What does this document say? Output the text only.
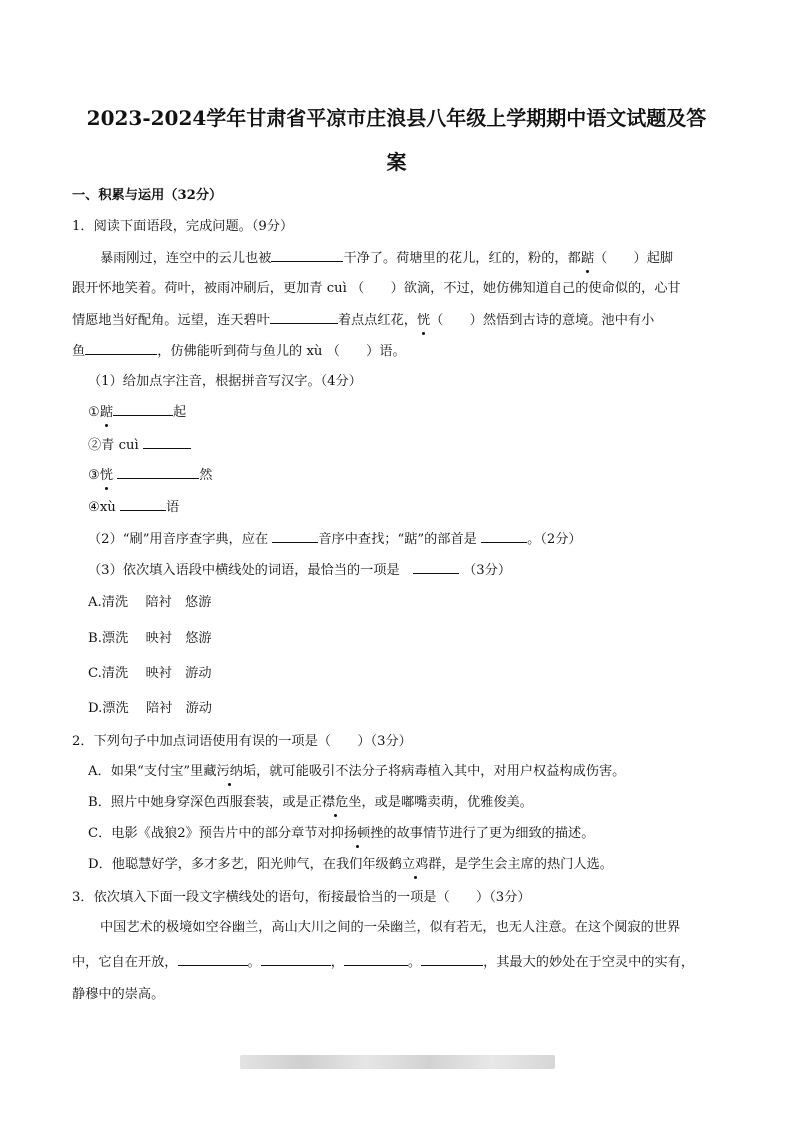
2023-2024学年甘肃省平凉市庄浪县八年级上学期期中语文试题及答
案
一、积累与运用（32分）
1．阅读下面语段，完成问题。（9分）
暴雨刚过，连空中的云儿也被	干净了。荷塘里的花儿，红的，粉的，都踮（　　）起脚
跟开怀地笑着。荷叶，被雨冲刷后，更加青 cuì （　　）欲滴，不过，她仿佛知道自己的使命似的，心甘
情愿地当好配角。远望，连天碧叶	着点点红花，恍（　　）然悟到古诗的意境。池中有小
鱼	，仿佛能听到荷与鱼儿的 xù （　　）语。
（1）给加点字注音，根据拼音写汉字。（4分）
①踮	起
②青 cuì
③恍	然
④xù	语
（2）“刷”用音序查字典，应在	音序中查找；“踮”的部首是	。（2分）
（3）依次填入语段中横线处的词语，最恰当的一项是　	（3分）
A.清洗　 陪衬　悠游
B.漂洗　 映衬　悠游
C.清洗　 映衬　游动
D.漂洗　 陪衬　游动
2．下列句子中加点词语使用有误的一项是（　　）（3分）
A．如果“支付宝”里藏污纳垢，就可能吸引不法分子将病毒植入其中，对用户权益构成伤害。
B．照片中她身穿深色西服套装，或是正襟危坐，或是嘟嘴卖萌，优雅俊美。
C．电影《战狼2》预告片中的部分章节对抑扬顿挫的故事情节进行了更为细致的描述。
D．他聪慧好学，多才多艺，阳光帅气，在我们年级鹤立鸡群，是学生会主席的热门人选。
3．依次填入下面一段文字横线处的语句，衔接最恰当的一项是（　　）（3分）
中国艺术的极境如空谷幽兰，高山大川之间的一朵幽兰，似有若无，也无人注意。在这个阒寂的世界
中，它自在开放，	。	，	。	，其最大的妙处在于空灵中的实有，
静穆中的崇高。
